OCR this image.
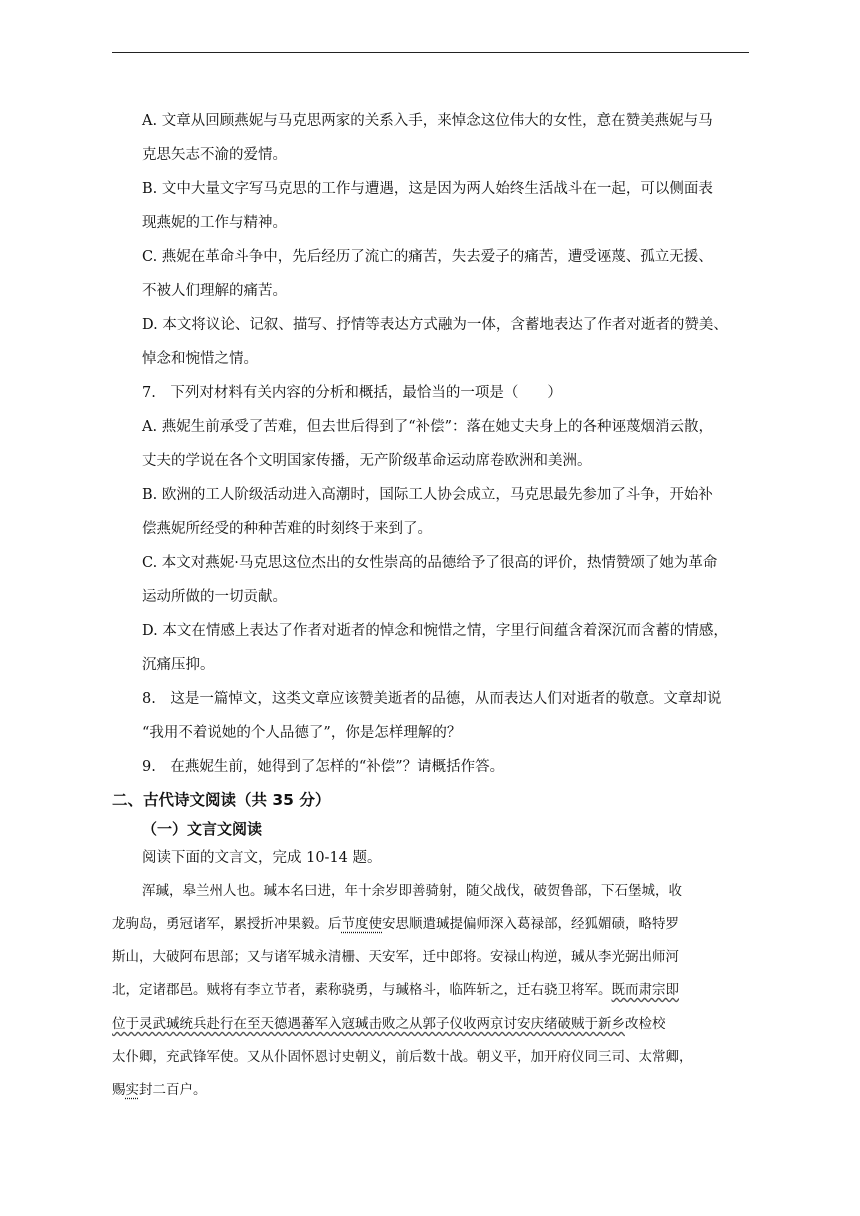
A. 文章从回顾燕妮与马克思两家的关系入手，来悼念这位伟大的女性，意在赞美燕妮与马
克思矢志不渝的爱情。
B. 文中大量文字写马克思的工作与遭遇，这是因为两人始终生活战斗在一起，可以侧面表
现燕妮的工作与精神。
C. 燕妮在革命斗争中，先后经历了流亡的痛苦，失去爱子的痛苦，遭受诬蔑、孤立无援、
不被人们理解的痛苦。
D. 本文将议论、记叙、描写、抒情等表达方式融为一体，含蓄地表达了作者对逝者的赞美、
悼念和惋惜之情。
7.　下列对材料有关内容的分析和概括，最恰当的一项是（　　）
A. 燕妮生前承受了苦难，但去世后得到了“补偿”：落在她丈夫身上的各种诬蔑烟消云散，
丈夫的学说在各个文明国家传播，无产阶级革命运动席卷欧洲和美洲。
B. 欧洲的工人阶级活动进入高潮时，国际工人协会成立，马克思最先参加了斗争，开始补
偿燕妮所经受的种种苦难的时刻终于来到了。
C. 本文对燕妮·马克思这位杰出的女性崇高的品德给予了很高的评价，热情赞颂了她为革命
运动所做的一切贡献。
D. 本文在情感上表达了作者对逝者的悼念和惋惜之情，字里行间蕴含着深沉而含蓄的情感，
沉痛压抑。
8.　这是一篇悼文，这类文章应该赞美逝者的品德，从而表达人们对逝者的敬意。文章却说
“我用不着说她的个人品德了”，你是怎样理解的？
9.　在燕妮生前，她得到了怎样的“补偿”？请概括作答。
二、古代诗文阅读（共 35 分）
（一）文言文阅读
阅读下面的文言文，完成 10-14 题。
浑瑊，皋兰州人也。瑊本名曰进，年十余岁即善骑射，随父战伐，破贺鲁部，下石堡城，收
龙驹岛，勇冠诸军，累授折冲果毅。后节度使安思顺遣瑊提偏师深入葛禄部，经狐媚碛，略特罗
斯山，大破阿布思部；又与诸军城永清栅、天安军，迁中郎将。安禄山构逆，瑊从李光弼出师河
北，定诸郡邑。贼将有李立节者，素称骁勇，与瑊格斗，临阵斩之，迁右骁卫将军。既而肃宗即
位于灵武瑊统兵赴行在至天德遇蕃军入寇瑊击败之从郭子仪收两京讨安庆绪破贼于新乡改检校
太仆卿，充武锋军使。又从仆固怀恩讨史朝义，前后数十战。朝义平，加开府仪同三司、太常卿，
赐实封二百户。
